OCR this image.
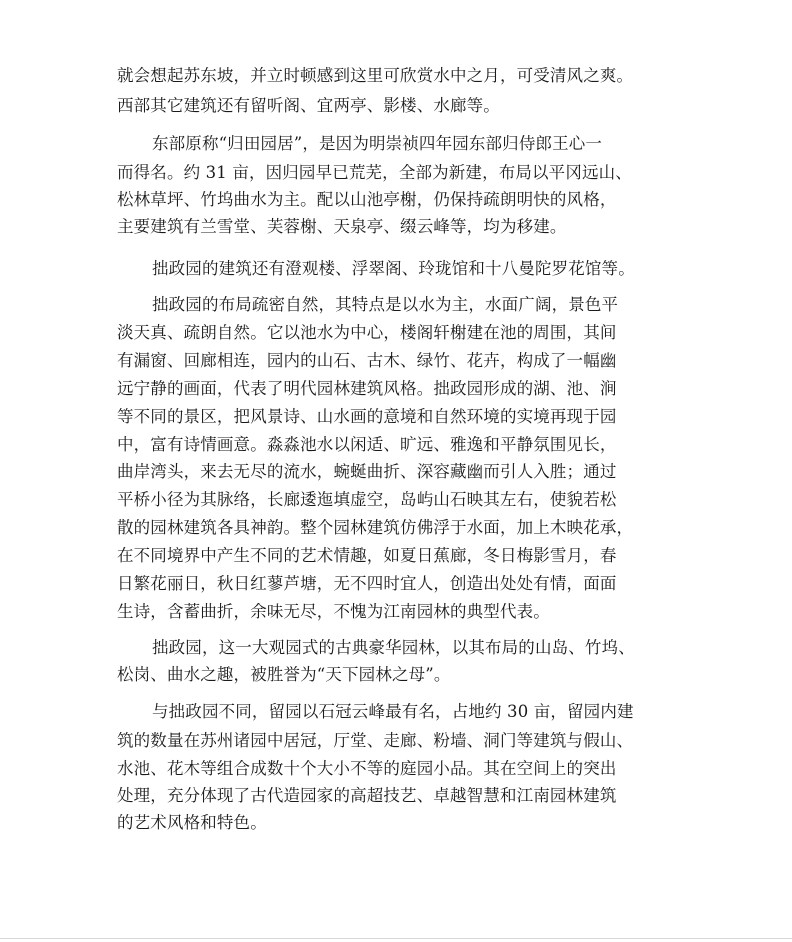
就会想起苏东坡，并立时顿感到这里可欣赏水中之月，可受清风之爽。
西部其它建筑还有留听阁、宜两亭、影楼、水廊等。
东部原称“归田园居”，是因为明崇祯四年园东部归侍郎王心一
而得名。约 31 亩，因归园早已荒芜，全部为新建，布局以平冈远山、
松林草坪、竹坞曲水为主。配以山池亭榭，仍保持疏朗明快的风格，
主要建筑有兰雪堂、芙蓉榭、天泉亭、缀云峰等，均为移建。
拙政园的建筑还有澄观楼、浮翠阁、玲珑馆和十八曼陀罗花馆等。
拙政园的布局疏密自然，其特点是以水为主，水面广阔，景色平
淡天真、疏朗自然。它以池水为中心，楼阁轩榭建在池的周围，其间
有漏窗、回廊相连，园内的山石、古木、绿竹、花卉，构成了一幅幽
远宁静的画面，代表了明代园林建筑风格。拙政园形成的湖、池、涧
等不同的景区，把风景诗、山水画的意境和自然环境的实境再现于园
中，富有诗情画意。淼淼池水以闲适、旷远、雅逸和平静氛围见长，
曲岸湾头，来去无尽的流水，蜿蜒曲折、深容藏幽而引人入胜；通过
平桥小径为其脉络，长廊逶迤填虚空，岛屿山石映其左右，使貌若松
散的园林建筑各具神韵。整个园林建筑仿佛浮于水面，加上木映花承，
在不同境界中产生不同的艺术情趣，如夏日蕉廊，冬日梅影雪月，春
日繁花丽日，秋日红蓼芦塘，无不四时宜人，创造出处处有情，面面
生诗，含蓄曲折，余味无尽，不愧为江南园林的典型代表。
拙政园，这一大观园式的古典豪华园林，以其布局的山岛、竹坞、
松岗、曲水之趣，被胜誉为“天下园林之母”。
与拙政园不同，留园以石冠云峰最有名，占地约 30 亩，留园内建
筑的数量在苏州诸园中居冠，厅堂、走廊、粉墙、洞门等建筑与假山、
水池、花木等组合成数十个大小不等的庭园小品。其在空间上的突出
处理，充分体现了古代造园家的高超技艺、卓越智慧和江南园林建筑
的艺术风格和特色。
